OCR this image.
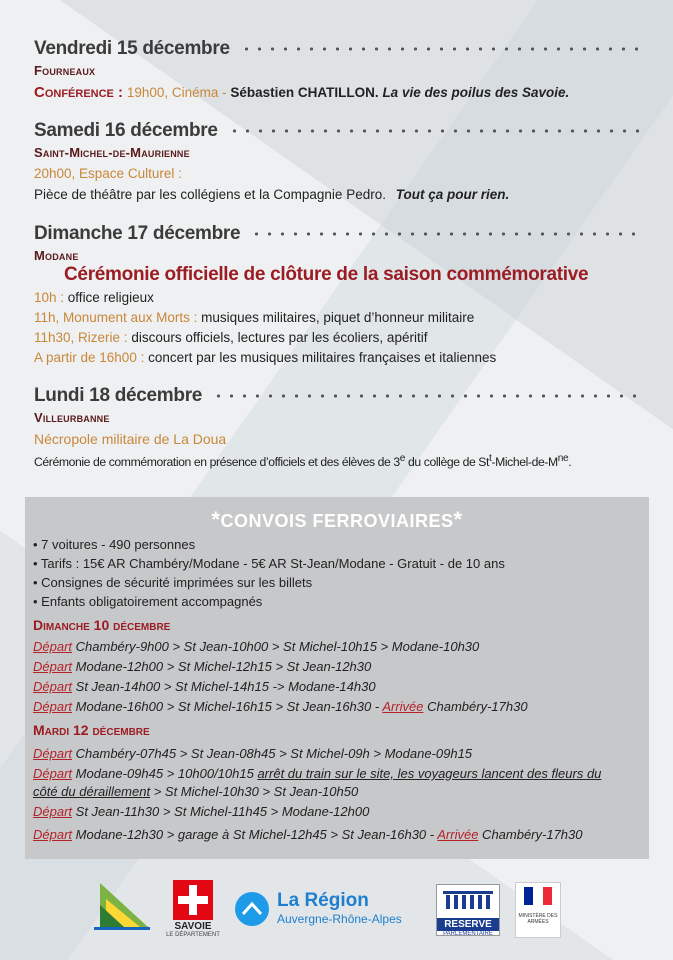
Vendredi 15 décembre
Fourneaux
Conférence : 19h00, Cinéma - Sébastien CHATILLON. La vie des poilus des Savoie.
Samedi 16 décembre
Saint-Michel-de-Maurienne
20h00, Espace Culturel :
Pièce de théâtre par les collégiens et la Compagnie Pedro. Tout ça pour rien.
Dimanche 17 décembre
Modane
Cérémonie officielle de clôture de la saison commémorative
10h : office religieux
11h, Monument aux Morts : musiques militaires, piquet d’honneur militaire
11h30, Rizerie : discours officiels, lectures par les écoliers, apéritif
A partir de 16h00 : concert par les musiques militaires françaises et italiennes
Lundi 18 décembre
Villeurbanne
Nécropole militaire de La Doua
Cérémonie de commémoration en présence d’officiels et des élèves de 3e du collège de $St^t-Michel-de-M^{ne}$.
*CONVOIS FERROVIAIRES*
• 7 voitures - 490 personnes
• Tarifs : 15€ AR Chambéry/Modane - 5€ AR St-Jean/Modane - Gratuit - de 10 ans
• Consignes de sécurité imprimées sur les billets
• Enfants obligatoirement accompagnés
Dimanche 10 décembre
Départ Chambéry-9h00 > St Jean-10h00 > St Michel-10h15 > Modane-10h30
Départ Modane-12h00 > St Michel-12h15 > St Jean-12h30
Départ St Jean-14h00 > St Michel-14h15 -> Modane-14h30
Départ Modane-16h00 > St Michel-16h15 > St Jean-16h30 - Arrivée Chambéry-17h30
Mardi 12 décembre
Départ Chambéry-07h45 > St Jean-08h45 > St Michel-09h > Modane-09h15
Départ Modane-09h45 > 10h00/10h15 arrêt du train sur le site, les voyageurs lancent des fleurs du
côté du déraillement > St Michel-10h30 > St Jean-10h50
Départ St Jean-11h30 > St Michel-11h45 > Modane-12h00
Départ Modane-12h30 > garage à St Michel-12h45 > St Jean-16h30 - Arrivée Chambéry-17h30
SAVOIE
LE DÉPARTEMENT
La Région
Auvergne-Rhône-Alpes	RESERVE
PARLEMENTAIRE
MINISTÈRE DES ARMÉES
